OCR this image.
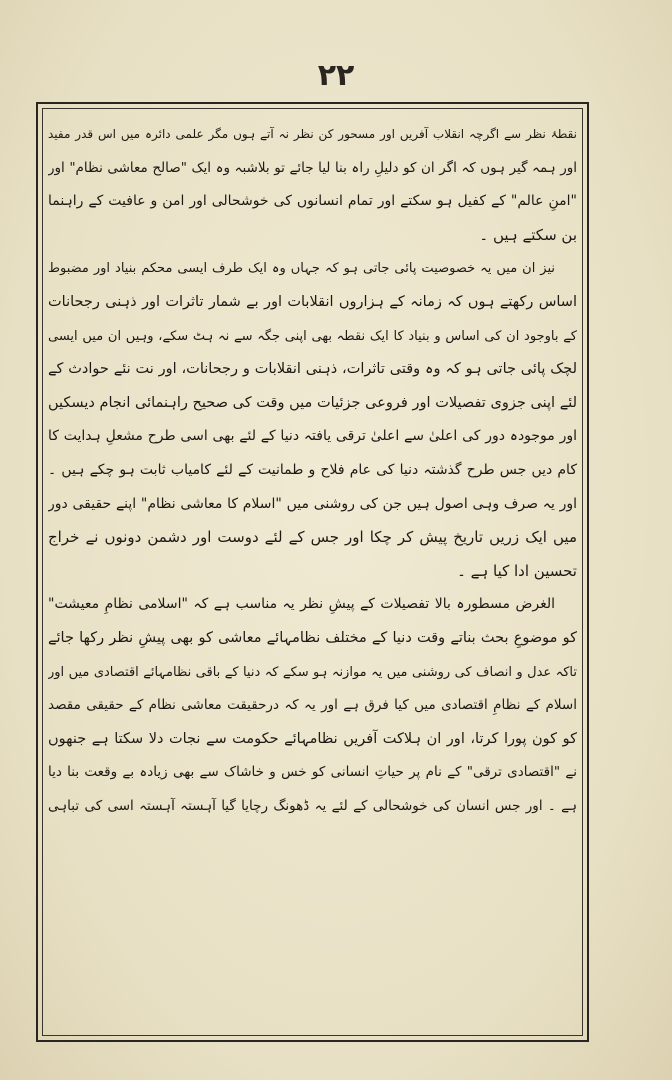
۲۲
نقطۂ نظر سے اگرچہ انقلاب آفریں اور مسحور کن نظر نہ آتے ہوں مگر علمی دائرہ میں اس قدر مفید
اور ہمہ گیر ہوں کہ اگر ان کو دلیلِ راہ بنا لیا جائے تو بلاشبہ وہ ایک "صالح معاشی نظام" اور
"امنِ عالم" کے کفیل ہو سکتے اور تمام انسانوں کی خوشحالی اور امن و عافیت کے راہنما
بن سکتے ہیں ۔
نیز ان میں یہ خصوصیت پائی جاتی ہو کہ جہاں وہ ایک طرف ایسی محکم بنیاد اور مضبوط
اساس رکھتے ہوں کہ زمانہ کے ہزاروں انقلابات اور بے شمار تاثرات اور ذہنی رجحانات
کے باوجود ان کی اساس و بنیاد کا ایک نقطہ بھی اپنی جگہ سے نہ ہٹ سکے، وہیں ان میں ایسی
لچک پائی جاتی ہو کہ وہ وقتی تاثرات، ذہنی انقلابات و رجحانات، اور نت نئے حوادث کے
لئے اپنی جزوی تفصیلات اور فروعی جزئیات میں وقت کی صحیح راہنمائی انجام دیسکیں
اور موجودہ دور کی اعلیٰ سے اعلیٰ ترقی یافتہ دنیا کے لئے بھی اسی طرح مشعلِ ہدایت کا
کام دیں جس طرح گذشتہ دنیا کی عام فلاح و طمانیت کے لئے کامیاب ثابت ہو چکے ہیں ۔
اور یہ صرف وہی اصول ہیں جن کی روشنی میں "اسلام کا معاشی نظام" اپنے حقیقی دور
میں ایک زریں تاریخ پیش کر چکا اور جس کے لئے دوست اور دشمن دونوں نے خراج
تحسین ادا کیا ہے ۔
الغرض مسطورہ بالا تفصیلات کے پیشِ نظر یہ مناسب ہے کہ "اسلامی نظامِ معیشت"
کو موضوعِ بحث بناتے وقت دنیا کے مختلف نظامہائے معاشی کو بھی پیشِ نظر رکھا جائے
تاکہ عدل و انصاف کی روشنی میں یہ موازنہ ہو سکے کہ دنیا کے باقی نظامہائے اقتصادی میں اور
اسلام کے نظامِ اقتصادی میں کیا فرق ہے اور یہ کہ درحقیقت معاشی نظام کے حقیقی مقصد
کو کون پورا کرتا، اور ان ہلاکت آفریں نظامہائے حکومت سے نجات دلا سکتا ہے جنھوں
نے "اقتصادی ترقی" کے نام پر حیاتِ انسانی کو خس و خاشاک سے بھی زیادہ بے وقعت بنا دیا
ہے ۔ اور جس انسان کی خوشحالی کے لئے یہ ڈھونگ رچایا گیا آہستہ آہستہ اسی کی تباہی
